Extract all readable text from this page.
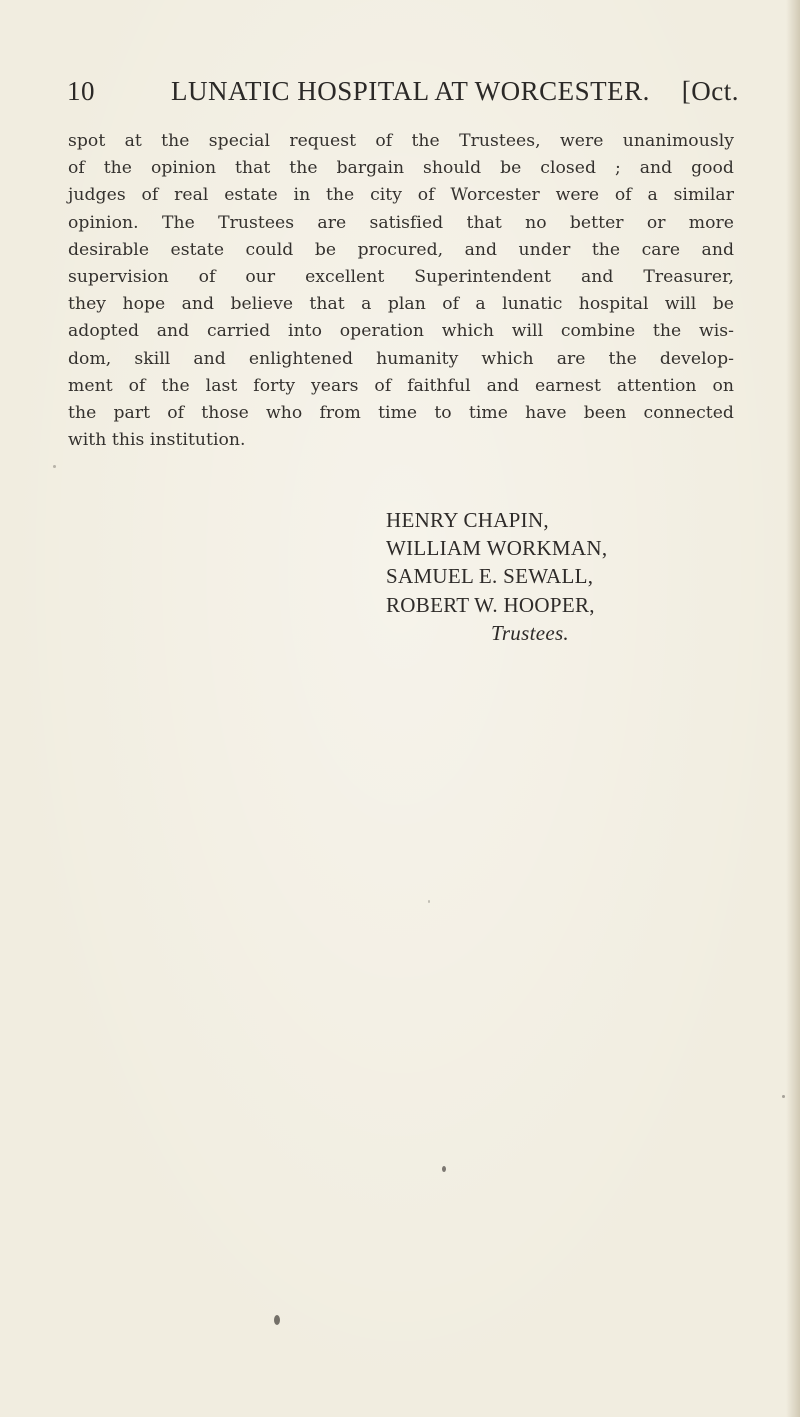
10	LUNATIC HOSPITAL AT WORCESTER. [Oct.
spot at the special request of the Trustees, were unanimously
of the opinion that the bargain should be closed ; and good
judges of real estate in the city of Worcester were of a similar
opinion. The Trustees are satisfied that no better or more
desirable estate could be procured, and under the care and
supervision of our excellent Superintendent and Treasurer,
they hope and believe that a plan of a lunatic hospital will be
adopted and carried into operation which will combine the wis-
dom, skill and enlightened humanity which are the develop-
ment of the last forty years of faithful and earnest attention on
the part of those who from time to time have been connected
with this institution.
HENRY CHAPIN,
WILLIAM WORKMAN,
SAMUEL E. SEWALL,
ROBERT W. HOOPER,
Trustees.
